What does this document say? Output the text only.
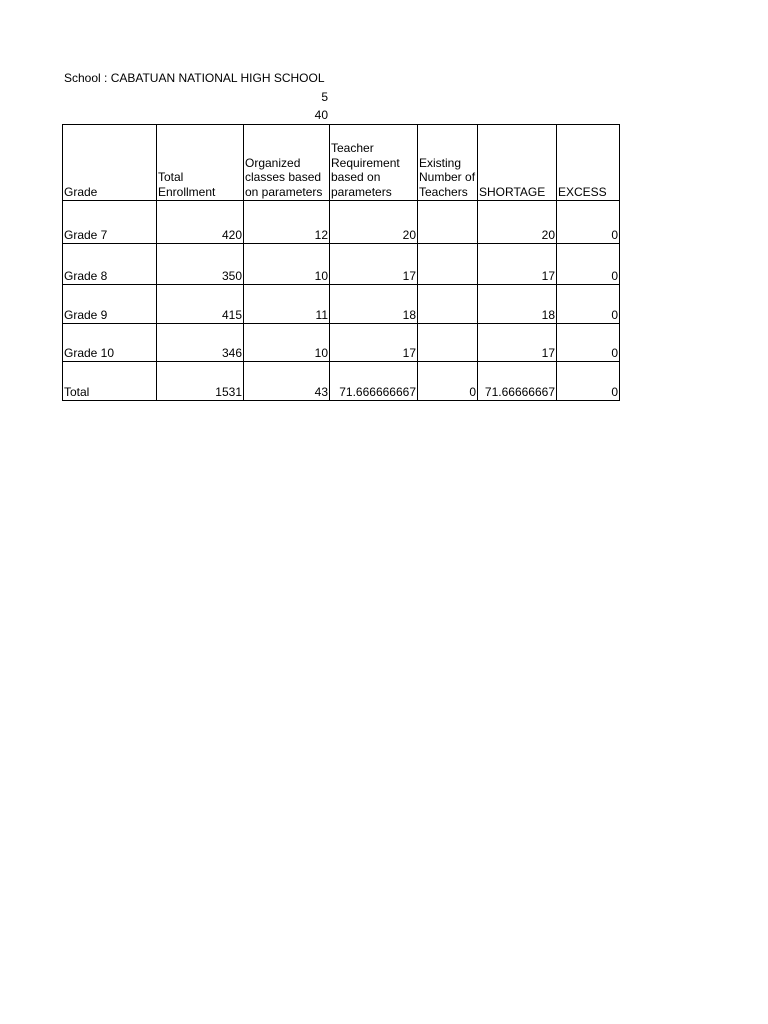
School : CABATUAN NATIONAL HIGH SCHOOL
5
40
Grade	Total Enrollment	Organized classes based on parameters	Teacher Requirement based on parameters	Existing Number of Teachers	SHORTAGE	EXCESS
Grade 7	420	12	20		20	0
Grade 8	350	10	17		17	0
Grade 9	415	11	18		18	0
Grade 10	346	10	17		17	0
Total	1531	43	71.666666667	0	71.66666667	0
